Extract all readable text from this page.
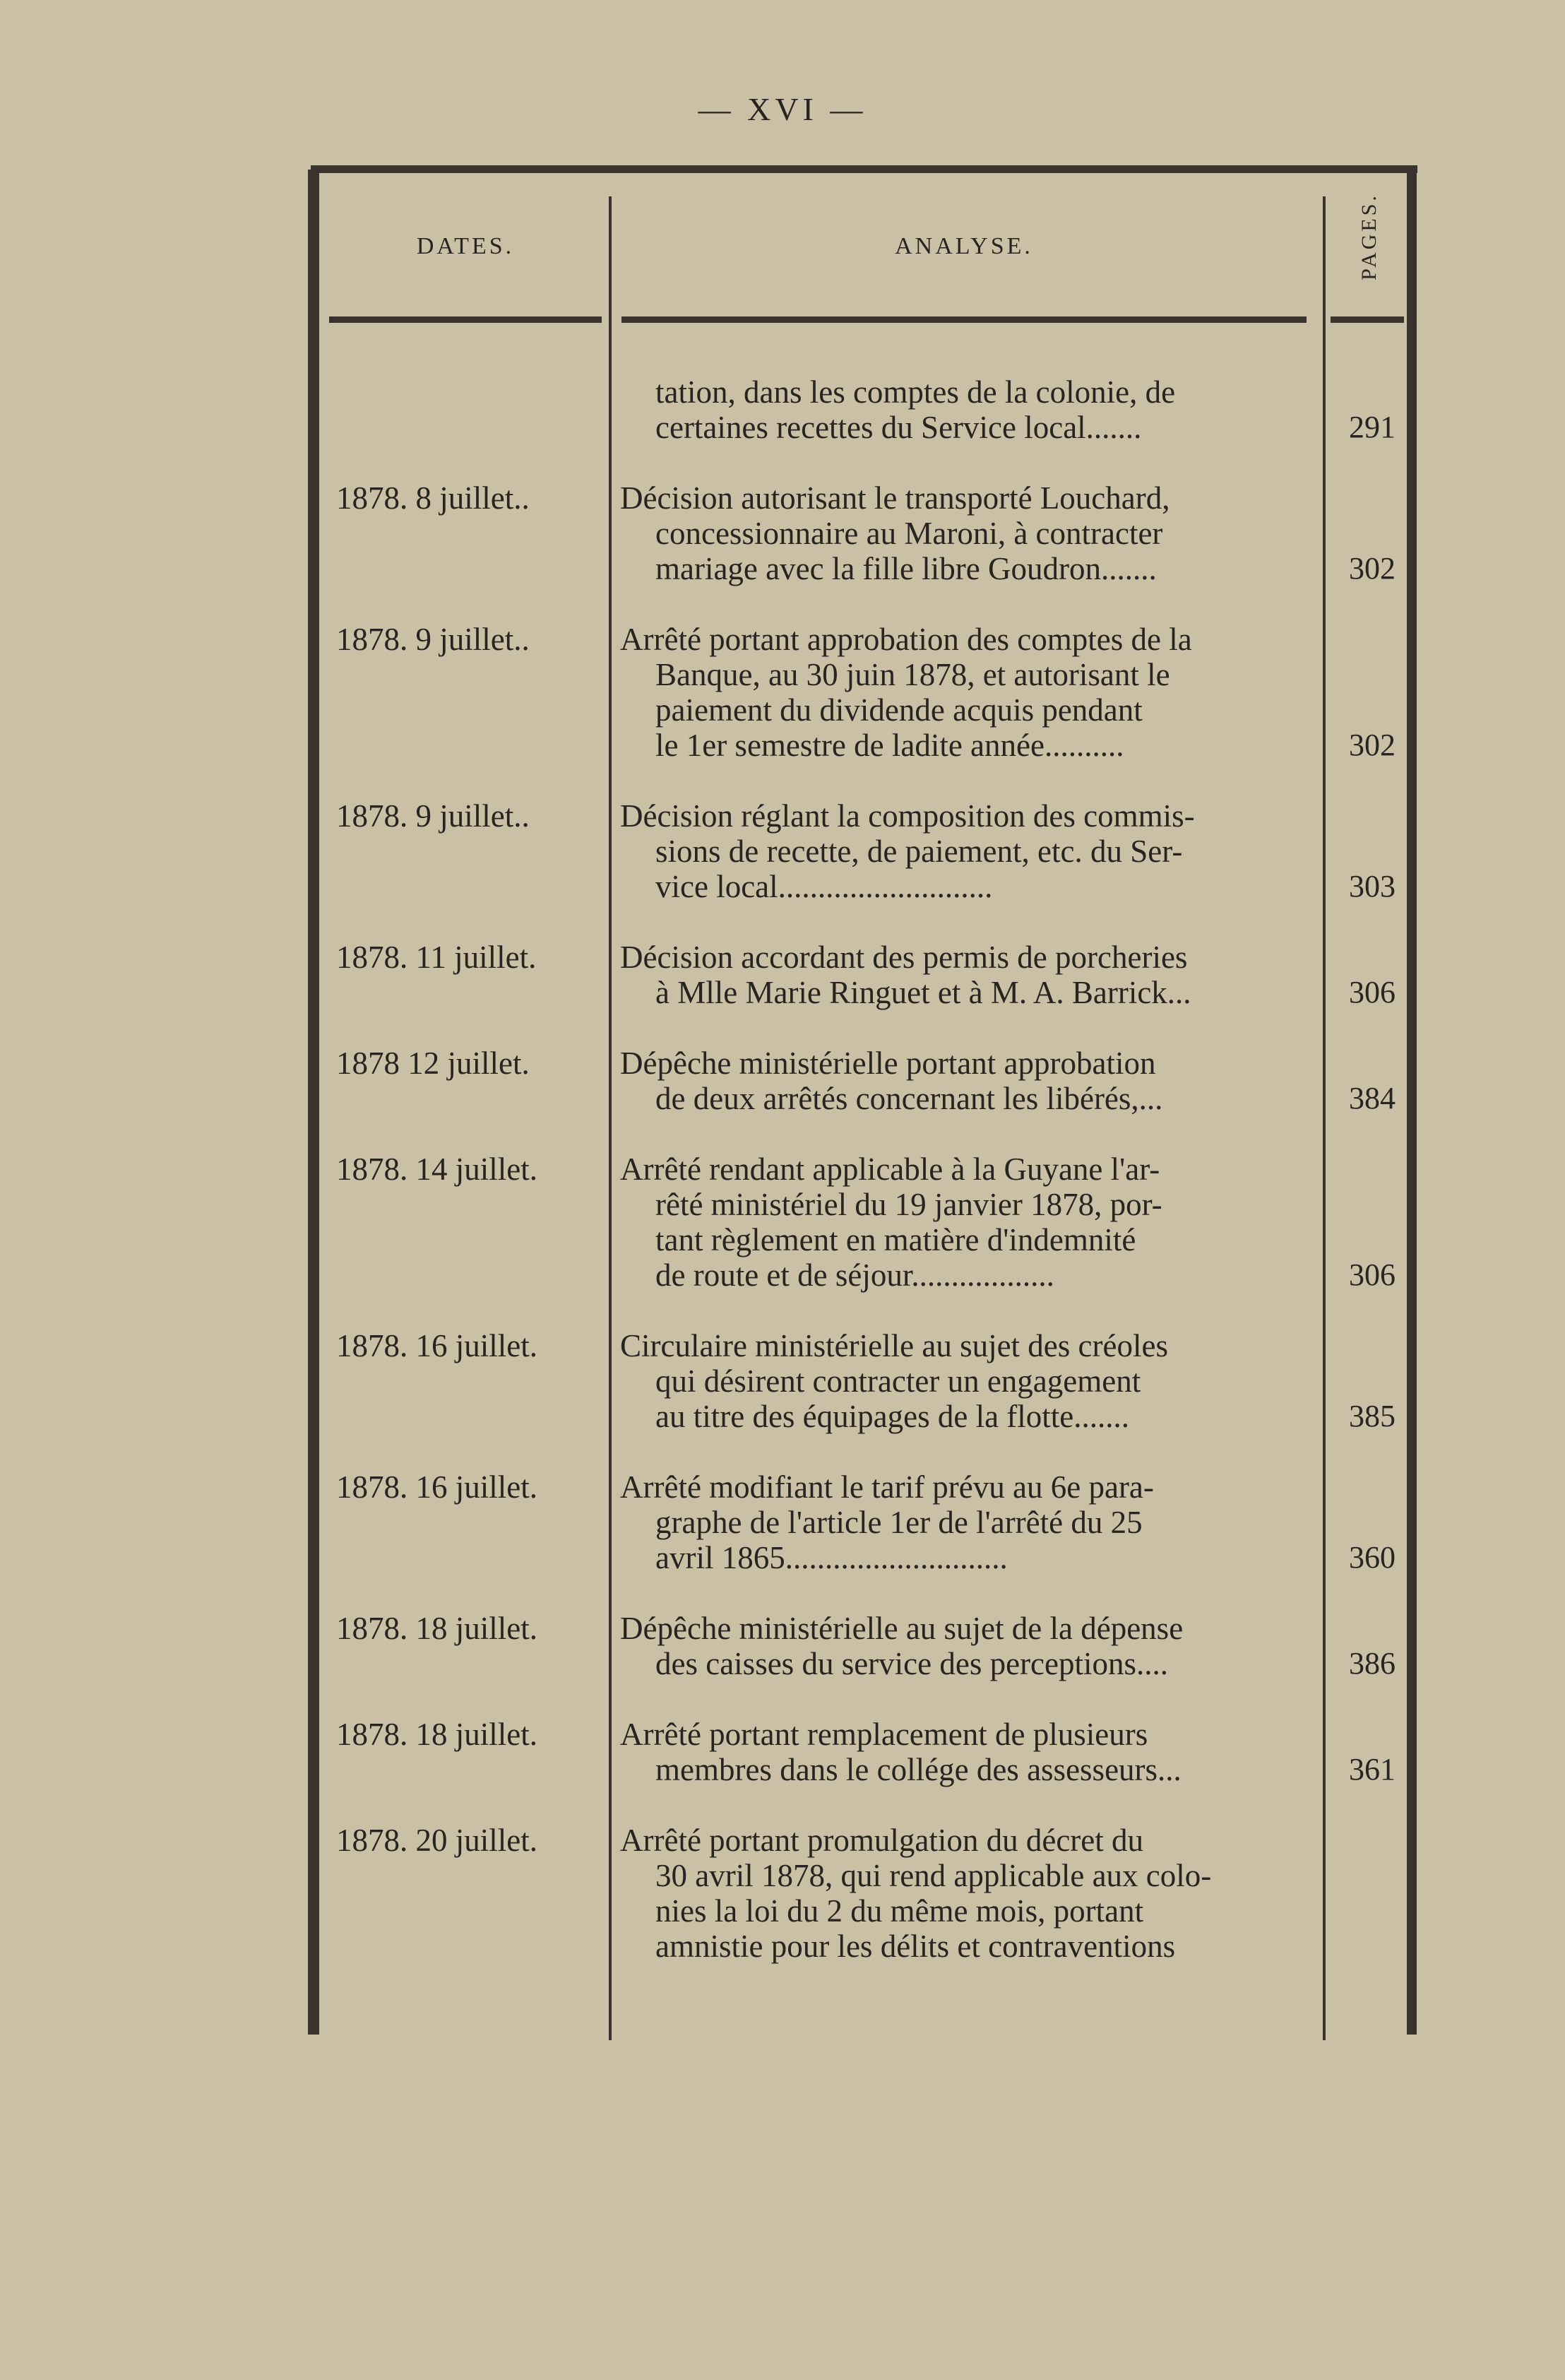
— XVI —
DATES.	ANALYSE.	PAGES.
tation, dans les comptes de la colonie, de
certaines recettes du Service local.......	291
1878. 8 juillet..	Décision autorisant le transporté Louchard,
concessionnaire au Maroni, à contracter
mariage avec la fille libre Goudron.......	302
1878. 9 juillet..	Arrêté portant approbation des comptes de la
Banque, au 30 juin 1878, et autorisant le
paiement du dividende acquis pendant
le 1er semestre de ladite année..........	302
1878. 9 juillet..	Décision réglant la composition des commis-
sions de recette, de paiement, etc. du Ser-
vice local...........................	303
1878. 11 juillet.	Décision accordant des permis de porcheries
à Mlle Marie Ringuet et à M. A. Barrick...	306
1878 12 juillet.	Dépêche ministérielle portant approbation
de deux arrêtés concernant les libérés,...	384
1878. 14 juillet.	Arrêté rendant applicable à la Guyane l'ar-
rêté ministériel du 19 janvier 1878, por-
tant règlement en matière d'indemnité
de route et de séjour..................	306
1878. 16 juillet.	Circulaire ministérielle au sujet des créoles
qui désirent contracter un engagement
au titre des équipages de la flotte.......	385
1878. 16 juillet.	Arrêté modifiant le tarif prévu au 6e para-
graphe de l'article 1er de l'arrêté du 25
avril 1865............................	360
1878. 18 juillet.	Dépêche ministérielle au sujet de la dépense
des caisses du service des perceptions....	386
1878. 18 juillet.	Arrêté portant remplacement de plusieurs
membres dans le collége des assesseurs...	361
1878. 20 juillet.	Arrêté portant promulgation du décret du
30 avril 1878, qui rend applicable aux colo-
nies la loi du 2 du même mois, portant
amnistie pour les délits et contraventions
